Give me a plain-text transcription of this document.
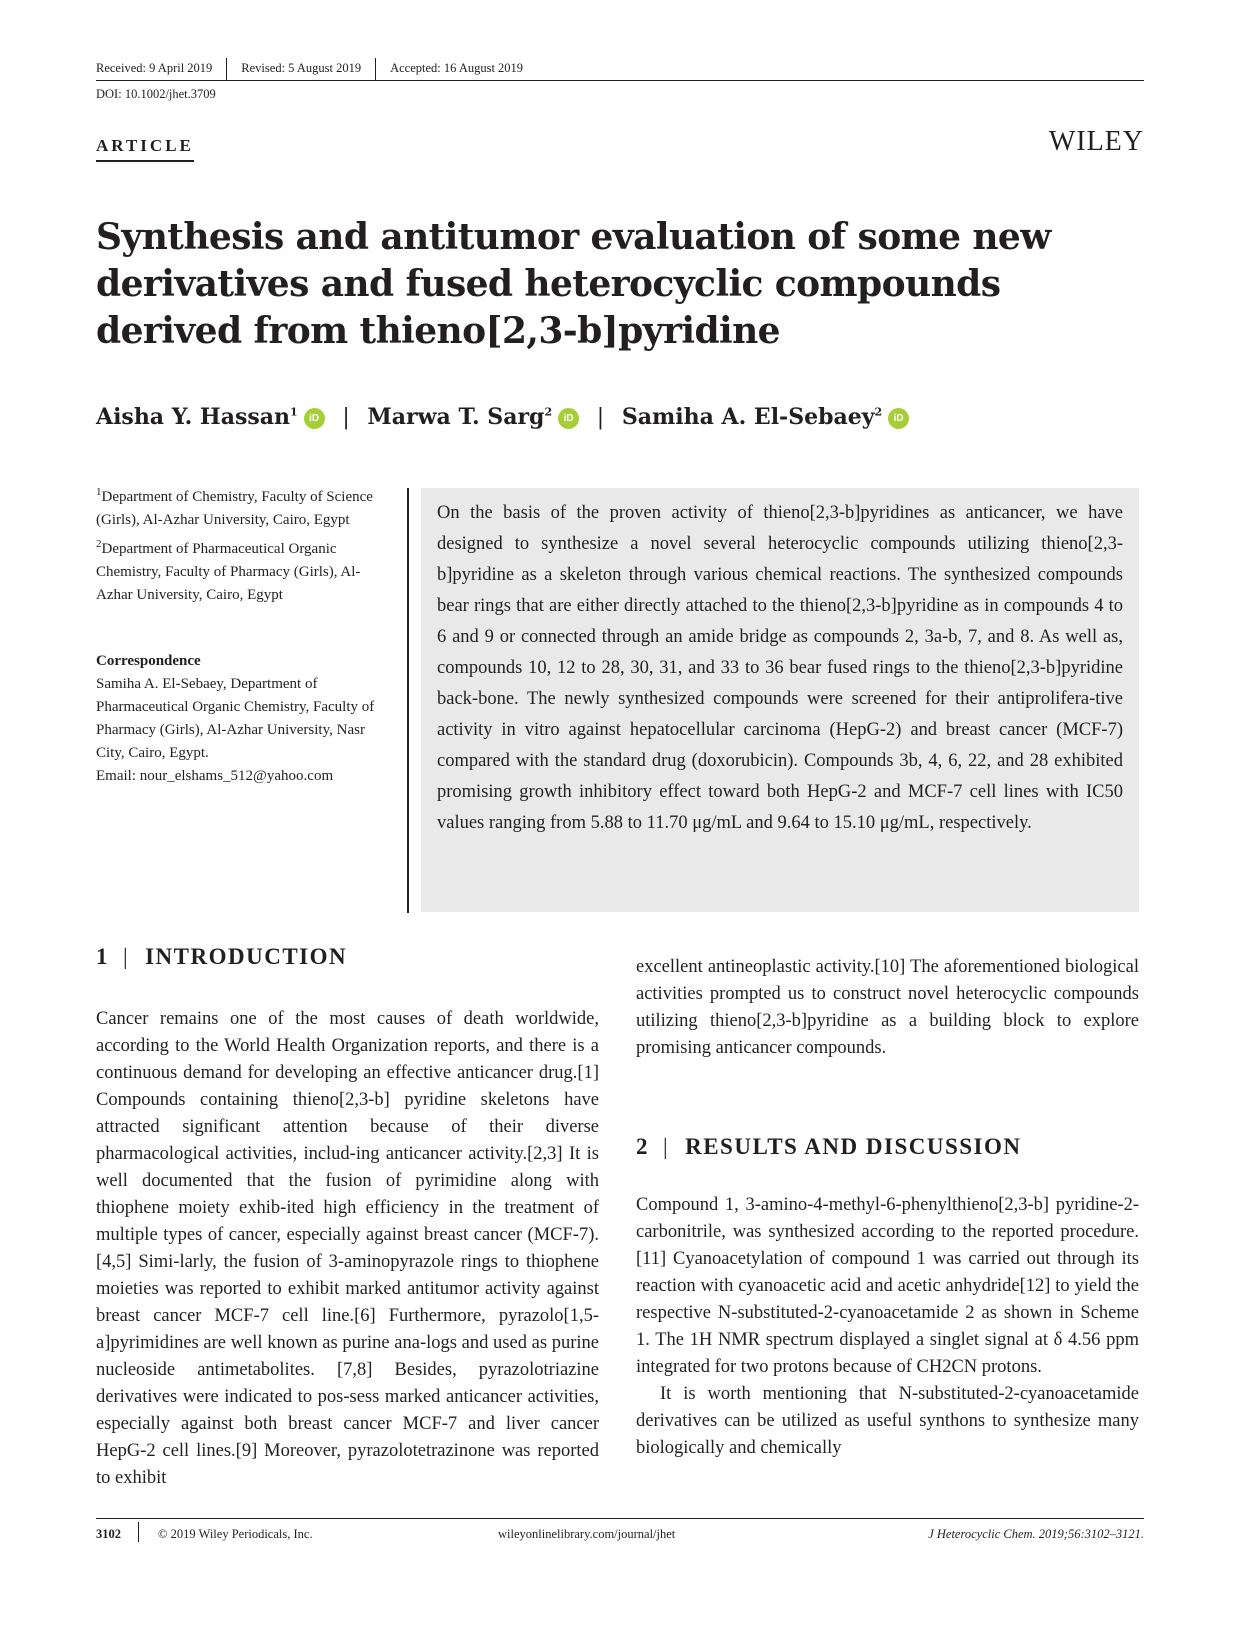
Received: 9 April 2019 Revised: 5 August 2019 Accepted: 16 August 2019
DOI: 10.1002/jhet.3709
ARTICLE	WILEY
Synthesis and antitumor evaluation of some new derivatives and fused heterocyclic compounds derived from thieno[2,3-b]pyridine
Aisha Y. Hassan$^1$ iD | Marwa T. Sarg$^2$ iD | Samiha A. El-Sebaey$^2$ iD

$^1$Department of Chemistry, Faculty of Science (Girls), Al-Azhar University, Cairo, Egypt

$^2$Department of Pharmaceutical Organic Chemistry, Faculty of Pharmacy (Girls), Al-Azhar University, Cairo, Egypt

Correspondence
Samiha A. El-Sebaey, Department of Pharmaceutical Organic Chemistry, Faculty of Pharmacy (Girls), Al-Azhar University, Nasr City, Cairo, Egypt.
Email: nour_elshams_512@yahoo.com
On the basis of the proven activity of thieno[2,3-b]pyridines as anticancer, we have designed to synthesize a novel several heterocyclic compounds utilizing thieno[2,3-b]pyridine as a skeleton through various chemical reactions. The synthesized compounds bear rings that are either directly attached to the thieno[2,3-b]pyridine as in compounds 4 to 6 and 9 or connected through an amide bridge as compounds 2, 3a-b, 7, and 8. As well as, compounds 10, 12 to 28, 30, 31, and 33 to 36 bear fused rings to the thieno[2,3-b]pyridine back-bone. The newly synthesized compounds were screened for their antiprolifera-tive activity in vitro against hepatocellular carcinoma (HepG-2) and breast cancer (MCF-7) compared with the standard drug (doxorubicin). Compounds 3b, 4, 6, 22, and 28 exhibited promising growth inhibitory effect toward both HepG-2 and MCF-7 cell lines with IC50 values ranging from 5.88 to 11.70 μg/mL and 9.64 to 15.10 μg/mL, respectively.
1 | INTRODUCTION

Cancer remains one of the most causes of death worldwide, according to the World Health Organization reports, and there is a continuous demand for developing an effective anticancer drug.[1] Compounds containing thieno[2,3-b] pyridine skeletons have attracted significant attention because of their diverse pharmacological activities, includ-ing anticancer activity.[2,3] It is well documented that the fusion of pyrimidine along with thiophene moiety exhib-ited high efficiency in the treatment of multiple types of cancer, especially against breast cancer (MCF-7).[4,5] Simi-larly, the fusion of 3-aminopyrazole rings to thiophene moieties was reported to exhibit marked antitumor activity against breast cancer MCF-7 cell line.[6] Furthermore, pyrazolo[1,5-a]pyrimidines are well known as purine ana-logs and used as purine nucleoside antimetabolites. [7,8] Besides, pyrazolotriazine derivatives were indicated to pos-sess marked anticancer activities, especially against both breast cancer MCF-7 and liver cancer HepG-2 cell lines.[9] Moreover, pyrazolotetrazinone was reported to exhibit

excellent antineoplastic activity.[10] The aforementioned biological activities prompted us to construct novel heterocyclic compounds utilizing thieno[2,3-b]pyridine as a building block to explore promising anticancer compounds.

2 | RESULTS AND DISCUSSION

Compound 1, 3-amino-4-methyl-6-phenylthieno[2,3-b] pyridine-2-carbonitrile, was synthesized according to the reported procedure. [11] Cyanoacetylation of compound 1 was carried out through its reaction with cyanoacetic acid and acetic anhydride[12] to yield the respective N-substituted-2-cyanoacetamide 2 as shown in Scheme 1. The 1H NMR spectrum displayed a singlet signal at δ 4.56 ppm integrated for two protons because of CH2CN protons.

It is worth mentioning that N-substituted-2-cyanoacetamide derivatives can be utilized as useful synthons to synthesize many biologically and chemically

3102	© 2019 Wiley Periodicals, Inc.	wileyonlinelibrary.com/journal/jhet	J Heterocyclic Chem. 2019;56:3102–3121.
